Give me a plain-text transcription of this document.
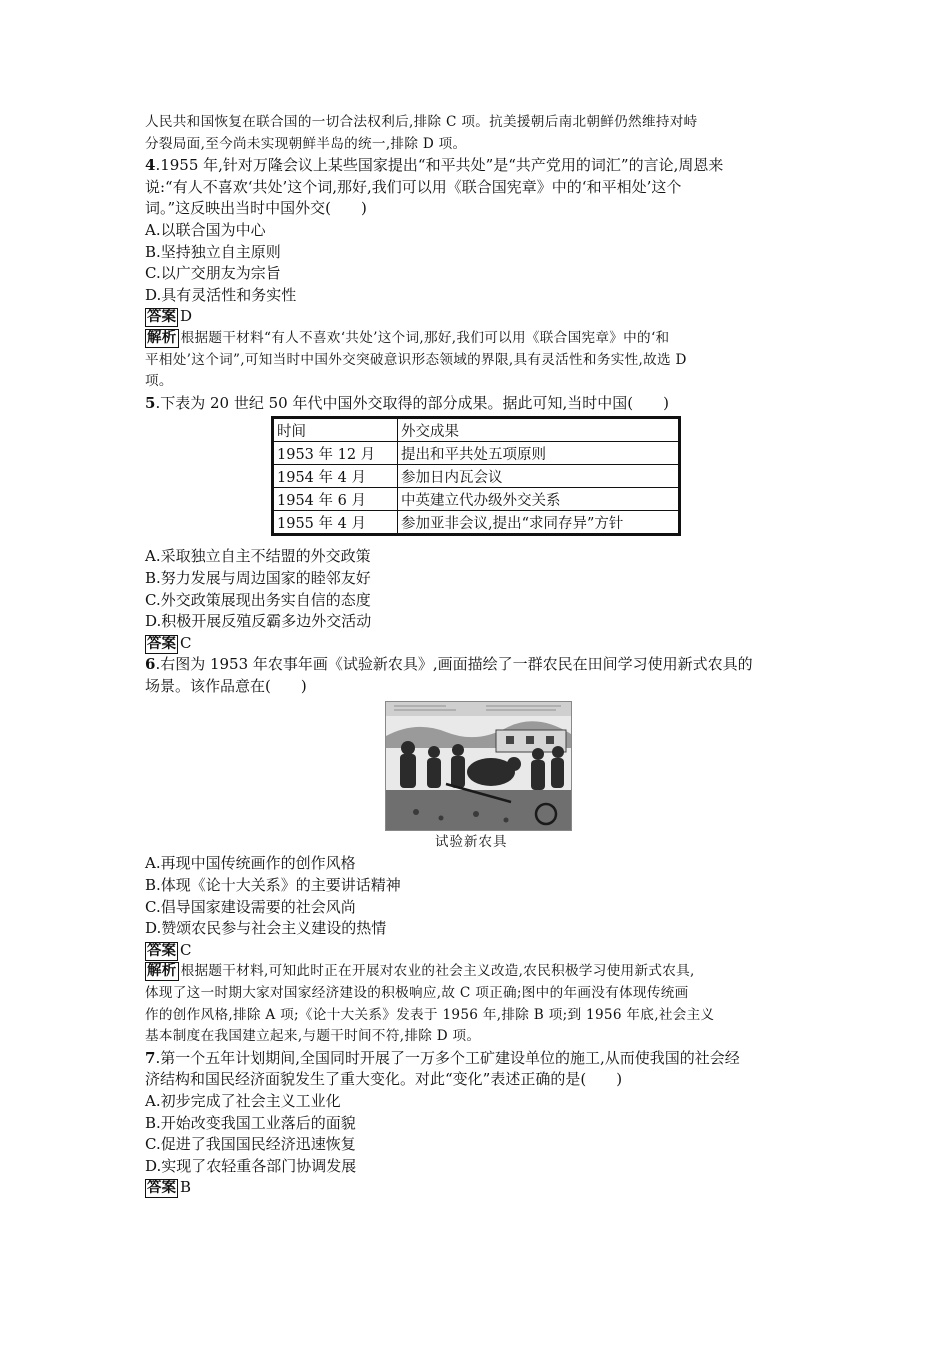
人民共和国恢复在联合国的一切合法权利后,排除 C 项。抗美援朝后南北朝鲜仍然维持对峙
分裂局面,至今尚未实现朝鲜半岛的统一,排除 D 项。
4.1955 年,针对万隆会议上某些国家提出“和平共处”是“共产党用的词汇”的言论,周恩来
说:“有人不喜欢‘共处’这个词,那好,我们可以用《联合国宪章》中的‘和平相处’这个
词。”这反映出当时中国外交(　　)
A.以联合国为中心
B.坚持独立自主原则
C.以广交朋友为宗旨
D.具有灵活性和务实性
答案 D
解析 根据题干材料“有人不喜欢‘共处’这个词,那好,我们可以用《联合国宪章》中的‘和
平相处’这个词”,可知当时中国外交突破意识形态领域的界限,具有灵活性和务实性,故选 D
项。
5.下表为 20 世纪 50 年代中国外交取得的部分成果。据此可知,当时中国(　　)
时间	外交成果
1953 年 12 月	提出和平共处五项原则
1954 年 4 月	参加日内瓦会议
1954 年 6 月	中英建立代办级外交关系
1955 年 4 月	参加亚非会议,提出“求同存异”方针
A.采取独立自主不结盟的外交政策
B.努力发展与周边国家的睦邻友好
C.外交政策展现出务实自信的态度
D.积极开展反殖反霸多边外交活动
答案 C
6.右图为 1953 年农事年画《试验新农具》,画面描绘了一群农民在田间学习使用新式农具的
场景。该作品意在(　　)
试验新农具
A.再现中国传统画作的创作风格
B.体现《论十大关系》的主要讲话精神
C.倡导国家建设需要的社会风尚
D.赞颂农民参与社会主义建设的热情
答案 C
解析 根据题干材料,可知此时正在开展对农业的社会主义改造,农民积极学习使用新式农具,
体现了这一时期大家对国家经济建设的积极响应,故 C 项正确;图中的年画没有体现传统画
作的创作风格,排除 A 项;《论十大关系》发表于 1956 年,排除 B 项;到 1956 年底,社会主义
基本制度在我国建立起来,与题干时间不符,排除 D 项。
7.第一个五年计划期间,全国同时开展了一万多个工矿建设单位的施工,从而使我国的社会经
济结构和国民经济面貌发生了重大变化。对此“变化”表述正确的是(　　)
A.初步完成了社会主义工业化
B.开始改变我国工业落后的面貌
C.促进了我国国民经济迅速恢复
D.实现了农轻重各部门协调发展
答案 B
